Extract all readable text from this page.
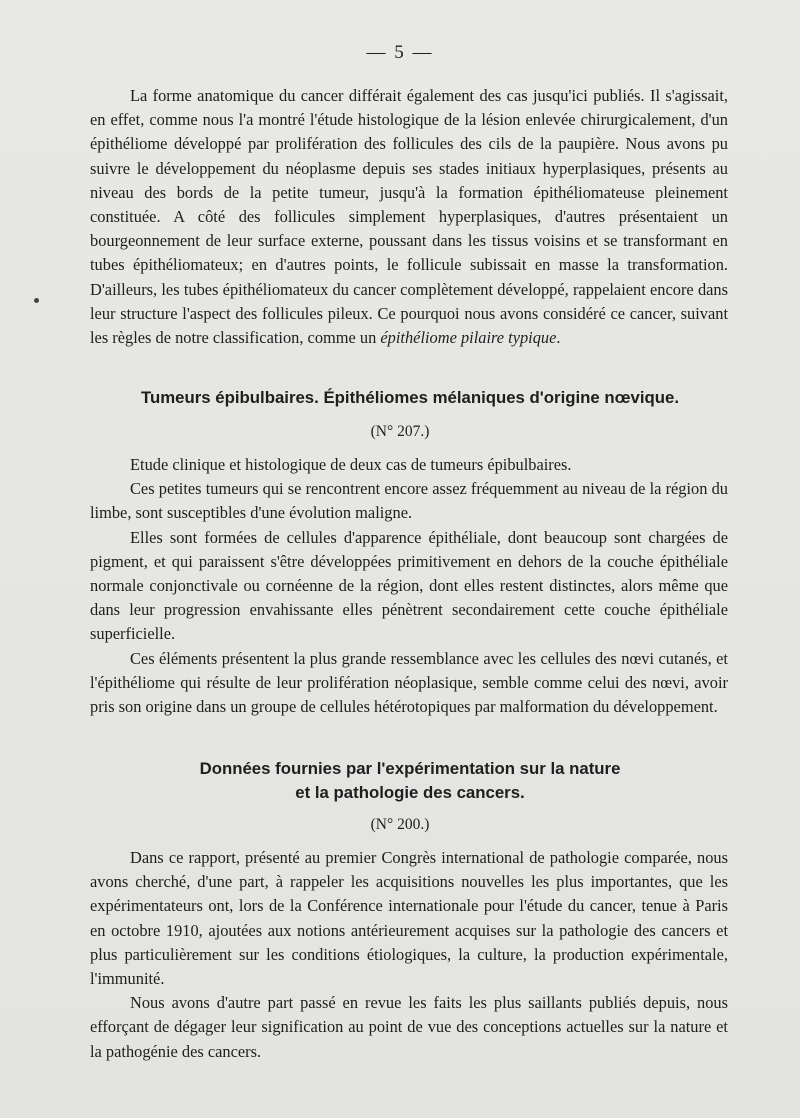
— 5 —

La forme anatomique du cancer différait également des cas jusqu'ici publiés. Il s'agissait, en effet, comme nous l'a montré l'étude histologique de la lésion enlevée chirurgicalement, d'un épithéliome développé par prolifération des follicules des cils de la paupière. Nous avons pu suivre le développement du néoplasme depuis ses stades initiaux hyperplasiques, présents au niveau des bords de la petite tumeur, jusqu'à la formation épithéliomateuse pleinement constituée. A côté des follicules simplement hyperplasiques, d'autres présentaient un bourgeonnement de leur surface externe, poussant dans les tissus voisins et se transformant en tubes épithéliomateux; en d'autres points, le follicule subissait en masse la transformation. D'ailleurs, les tubes épithéliomateux du cancer complètement développé, rappelaient encore dans leur structure l'aspect des follicules pileux. Ce pourquoi nous avons considéré ce cancer, suivant les règles de notre classification, comme un épithéliome pilaire typique.

Tumeurs épibulbaires. Épithéliomes mélaniques d'origine nœvique.
(N° 207.)

Etude clinique et histologique de deux cas de tumeurs épibulbaires.

Ces petites tumeurs qui se rencontrent encore assez fréquemment au niveau de la région du limbe, sont susceptibles d'une évolution maligne.

Elles sont formées de cellules d'apparence épithéliale, dont beaucoup sont chargées de pigment, et qui paraissent s'être développées primitivement en dehors de la couche épithéliale normale conjonctivale ou cornéenne de la région, dont elles restent distinctes, alors même que dans leur progression envahissante elles pénètrent secondairement cette couche épithéliale superficielle.

Ces éléments présentent la plus grande ressemblance avec les cellules des nœvi cutanés, et l'épithéliome qui résulte de leur prolifération néoplasique, semble comme celui des nœvi, avoir pris son origine dans un groupe de cellules hétérotopiques par malformation du développement.

Données fournies par l'expérimentation sur la nature
et la pathologie des cancers.
(N° 200.)

Dans ce rapport, présenté au premier Congrès international de pathologie comparée, nous avons cherché, d'une part, à rappeler les acquisitions nouvelles les plus importantes, que les expérimentateurs ont, lors de la Conférence internationale pour l'étude du cancer, tenue à Paris en octobre 1910, ajoutées aux notions antérieurement acquises sur la pathologie des cancers et plus particulièrement sur les conditions étiologiques, la culture, la production expérimentale, l'immunité.

Nous avons d'autre part passé en revue les faits les plus saillants publiés depuis, nous efforçant de dégager leur signification au point de vue des conceptions actuelles sur la nature et la pathogénie des cancers.
